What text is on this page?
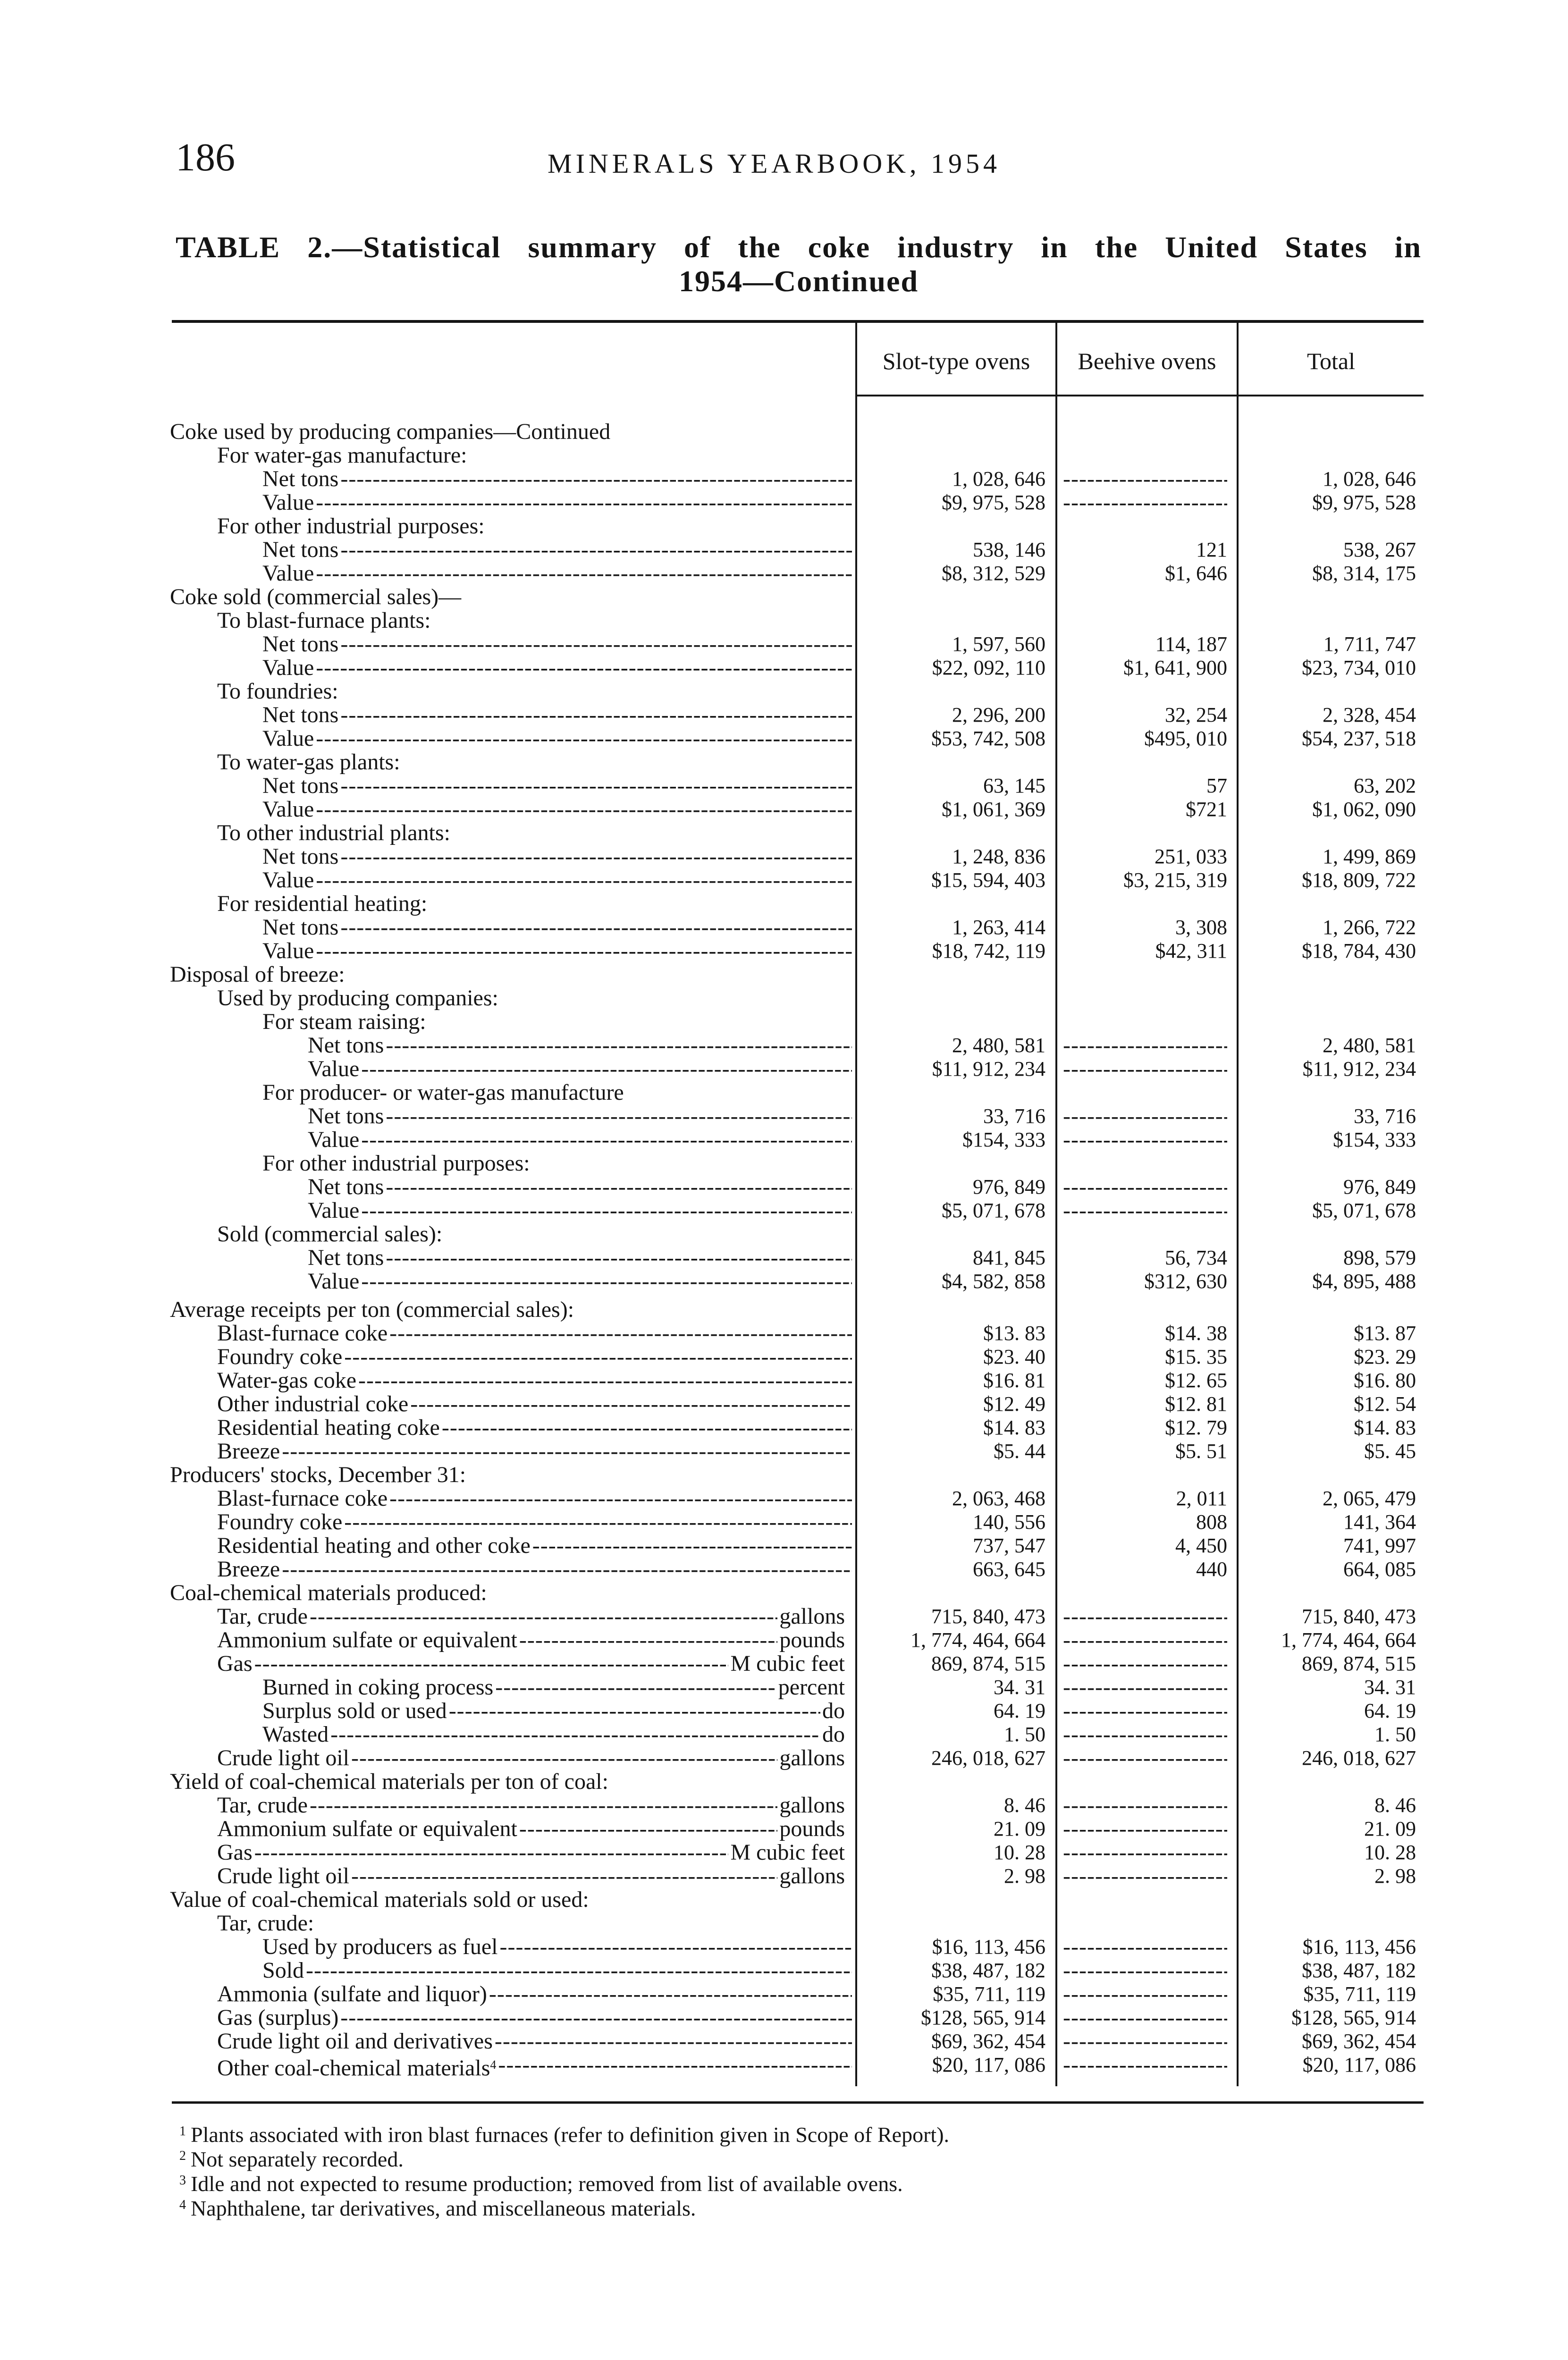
186	MINERALS YEARBOOK, 1954
TABLE 2.—Statistical summary of the coke industry in the United States in
1954—Continued
Slot-type ovens	Beehive ovens	Total
Coke used by producing companies—Continued
For water-gas manufacture:
Net tons -----	1, 028, 646 -----	1, 028, 646
Value -----	$9, 975, 528 -----	$9, 975, 528
For other industrial purposes:
Net tons -----	538, 146	121	538, 267
Value -----	$8, 312, 529	$1, 646	$8, 314, 175
Coke sold (commercial sales)—
To blast-furnace plants:
Net tons -----	1, 597, 560	114, 187	1, 711, 747
Value -----	$22, 092, 110	$1, 641, 900	$23, 734, 010
To foundries:
Net tons -----	2, 296, 200	32, 254	2, 328, 454
Value -----	$53, 742, 508	$495, 010	$54, 237, 518
To water-gas plants:
Net tons -----	63, 145	57	63, 202
Value -----	$1, 061, 369	$721	$1, 062, 090
To other industrial plants:
Net tons -----	1, 248, 836	251, 033	1, 499, 869
Value -----	$15, 594, 403	$3, 215, 319	$18, 809, 722
For residential heating:
Net tons -----	1, 263, 414	3, 308	1, 266, 722
Value -----	$18, 742, 119	$42, 311	$18, 784, 430
Disposal of breeze:
Used by producing companies:
For steam raising:
Net tons -----	2, 480, 581 -----	2, 480, 581
Value -----	$11, 912, 234 -----	$11, 912, 234
For producer- or water-gas manufacture
Net tons -----	33, 716 -----	33, 716
Value -----	$154, 333 -----	$154, 333
For other industrial purposes:
Net tons -----	976, 849 -----	976, 849
Value -----	$5, 071, 678 -----	$5, 071, 678
Sold (commercial sales):
Net tons -----	841, 845	56, 734	898, 579
Value -----	$4, 582, 858	$312, 630	$4, 895, 488
Average receipts per ton (commercial sales):
Blast-furnace coke -----	$13. 83	$14. 38	$13. 87
Foundry coke -----	$23. 40	$15. 35	$23. 29
Water-gas coke -----	$16. 81	$12. 65	$16. 80
Other industrial coke -----	$12. 49	$12. 81	$12. 54
Residential heating coke -----	$14. 83	$12. 79	$14. 83
Breeze -----	$5. 44	$5. 51	$5. 45
Producers' stocks, December 31:
Blast-furnace coke -----	2, 063, 468	2, 011	2, 065, 479
Foundry coke -----	140, 556	808	141, 364
Residential heating and other coke -----	737, 547	4, 450	741, 997
Breeze -----	663, 645	440	664, 085
Coal-chemical materials produced:
Tar, crude	gallons -----	715, 840, 473 -----	715, 840, 473
Ammonium sulfate or equivalent	pounds -----	1, 774, 464, 664 -----	1, 774, 464, 664
Gas	M cubic feet -----	869, 874, 515 -----	869, 874, 515
Burned in coking process	percent -----	34. 31 -----	34. 31
Surplus sold or used	do -----	64. 19 -----	64. 19
Wasted	do -----	1. 50 -----	1. 50
Crude light oil	gallons -----	246, 018, 627 -----	246, 018, 627
Yield of coal-chemical materials per ton of coal:
Tar, crude	gallons -----	8. 46 -----	8. 46
Ammonium sulfate or equivalent	pounds -----	21. 09 -----	21. 09
Gas	M cubic feet -----	10. 28 -----	10. 28
Crude light oil	gallons -----	2. 98 -----	2. 98
Value of coal-chemical materials sold or used:
Tar, crude:
Used by producers as fuel -----	$16, 113, 456 -----	$16, 113, 456
Sold -----	$38, 487, 182 -----	$38, 487, 182
Ammonia (sulfate and liquor) -----	$35, 711, 119 -----	$35, 711, 119
Gas (surplus) -----	$128, 565, 914 -----	$128, 565, 914
Crude light oil and derivatives -----	$69, 362, 454 -----	$69, 362, 454
Other coal-chemical materials$^4$ -----	$20, 117, 086 -----	$20, 117, 086
$^1$ Plants associated with iron blast furnaces (refer to definition given in Scope of Report).
$^2$ Not separately recorded.
$^3$ Idle and not expected to resume production; removed from list of available ovens.
$^4$ Naphthalene, tar derivatives, and miscellaneous materials.
